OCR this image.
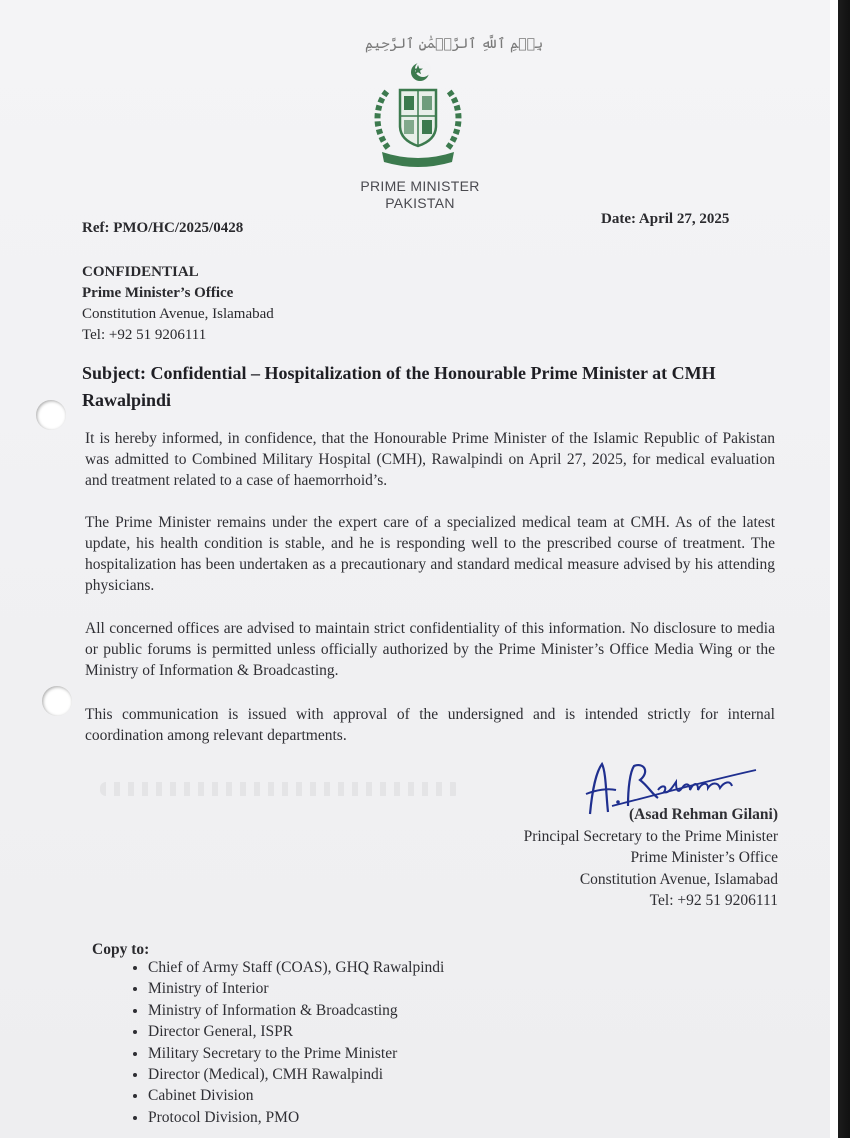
بِسۡمِ ٱللَّهِ ٱلرَّحۡمَٰنِ ٱلرَّحِيمِ
PRIME MINISTER
PAKISTAN
Ref: PMO/HC/2025/0428
Date: April 27, 2025
CONFIDENTIAL
Prime Minister’s Office
Constitution Avenue, Islamabad
Tel: +92 51 9206111
Subject: Confidential – Hospitalization of the Honourable Prime Minister at CMH Rawalpindi
It is hereby informed, in confidence, that the Honourable Prime Minister of the Islamic Republic of Pakistan was admitted to Combined Military Hospital (CMH), Rawalpindi on April 27, 2025, for medical evaluation and treatment related to a case of haemorrhoid’s.
The Prime Minister remains under the expert care of a specialized medical team at CMH. As of the latest update, his health condition is stable, and he is responding well to the prescribed course of treatment. The hospitalization has been undertaken as a precautionary and standard medical measure advised by his attending physicians.
All concerned offices are advised to maintain strict confidentiality of this information. No disclosure to media or public forums is permitted unless officially authorized by the Prime Minister’s Office Media Wing or the Ministry of Information & Broadcasting.
This communication is issued with approval of the undersigned and is intended strictly for internal coordination among relevant departments.
(Asad Rehman Gilani)
Principal Secretary to the Prime Minister
Prime Minister’s Office
Constitution Avenue, Islamabad
Tel: +92 51 9206111
Copy to:
• Chief of Army Staff (COAS), GHQ Rawalpindi
• Ministry of Interior
• Ministry of Information & Broadcasting
• Director General, ISPR
• Military Secretary to the Prime Minister
• Director (Medical), CMH Rawalpindi
• Cabinet Division
• Protocol Division, PMO
